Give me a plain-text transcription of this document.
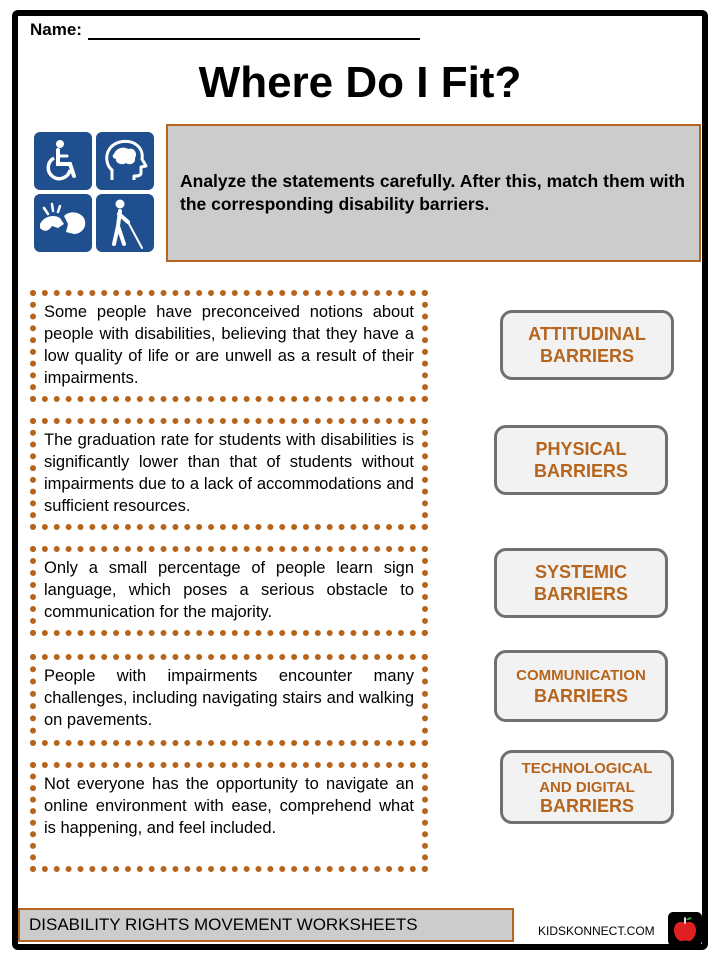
Name:
Where Do I Fit?

Analyze the statements carefully. After this, match them with the corresponding disability barriers.

Some people have preconceived notions about people with disabilities, believing that they have a low quality of life or are unwell as a result of their impairments.
The graduation rate for students with disabilities is significantly lower than that of students without impairments due to a lack of accommodations and sufficient resources.
Only a small percentage of people learn sign language, which poses a serious obstacle to communication for the majority.
People with impairments encounter many challenges, including navigating stairs and walking on pavements.
Not everyone has the opportunity to navigate an online environment with ease, comprehend what is happening, and feel included.
ATTITUDINAL
BARRIERS
PHYSICAL
BARRIERS
SYSTEMIC
BARRIERS
COMMUNICATION
BARRIERS
TECHNOLOGICAL
AND DIGITAL
BARRIERS
DISABILITY RIGHTS MOVEMENT WORKSHEETS	KIDSKONNECT.COM
